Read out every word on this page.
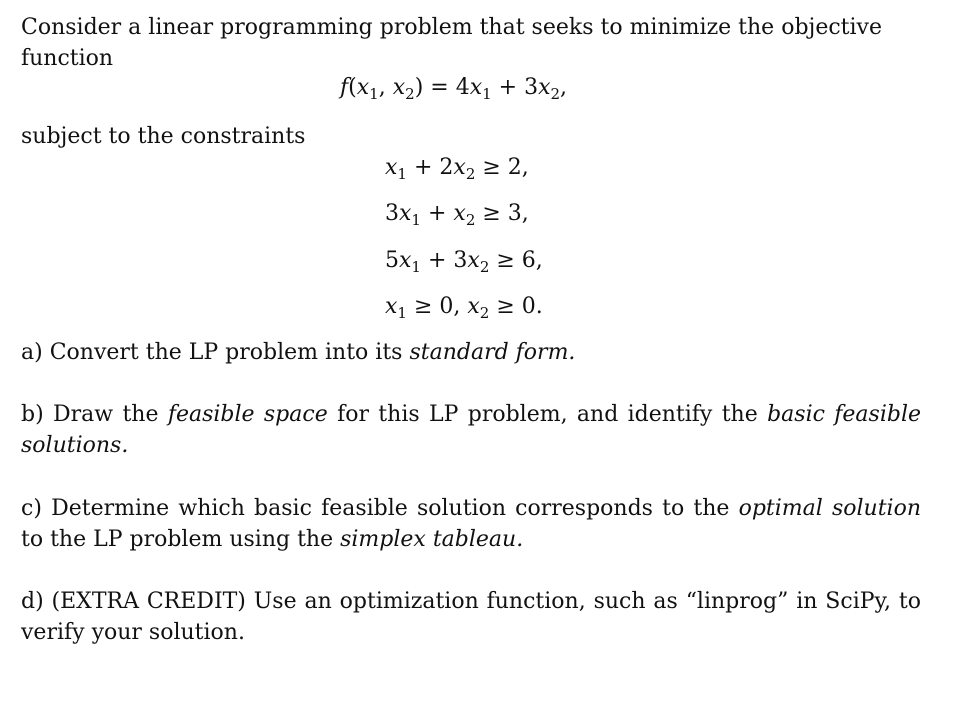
Consider a linear programming problem that seeks to minimize the objective
function
$f(x_1$, $x_2) = 4x_1 + 3x_2$,
subject to the constraints
$x_1 + 2x_2 \ge 2$,
$3x_1 + x_2 \ge 3$,
$5x_1 + 3x_2 \ge 6$,
$x_1 \ge 0$, $x_2 \ge 0$.
a) Convert the LP problem into its standard form.
b) Draw the feasible space for this LP problem, and identify the basic feasible solutions.
c) Determine which basic feasible solution corresponds to the optimal solution to the LP problem using the simplex tableau.
d) (EXTRA CREDIT) Use an optimization function, such as “linprog” in SciPy, to verify your solution.
